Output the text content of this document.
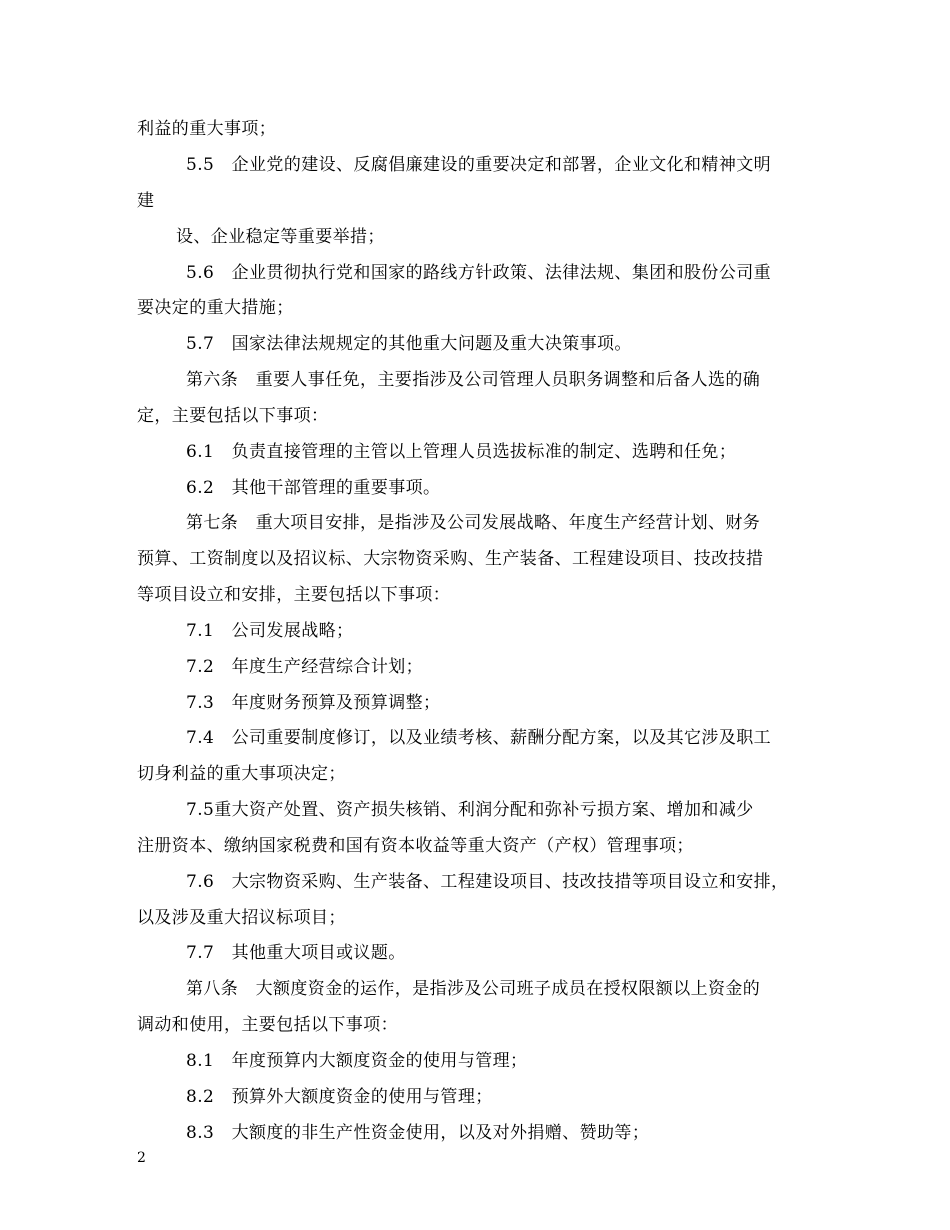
利益的重大事项；
5.5　企业党的建设、反腐倡廉建设的重要决定和部署，企业文化和精神文明
建
设、企业稳定等重要举措；
5.6　企业贯彻执行党和国家的路线方针政策、法律法规、集团和股份公司重
要决定的重大措施；
5.7　国家法律法规规定的其他重大问题及重大决策事项。
第六条　重要人事任免，主要指涉及公司管理人员职务调整和后备人选的确
定，主要包括以下事项：
6.1　负责直接管理的主管以上管理人员选拔标准的制定、选聘和任免；
6.2　其他干部管理的重要事项。
第七条　重大项目安排，是指涉及公司发展战略、年度生产经营计划、财务
预算、工资制度以及招议标、大宗物资采购、生产装备、工程建设项目、技改技措
等项目设立和安排，主要包括以下事项：
7.1　公司发展战略；
7.2　年度生产经营综合计划；
7.3　年度财务预算及预算调整；
7.4　公司重要制度修订，以及业绩考核、薪酬分配方案，以及其它涉及职工
切身利益的重大事项决定；
7.5重大资产处置、资产损失核销、利润分配和弥补亏损方案、增加和减少
注册资本、缴纳国家税费和国有资本收益等重大资产（产权）管理事项；
7.6　大宗物资采购、生产装备、工程建设项目、技改技措等项目设立和安排，
以及涉及重大招议标项目；
7.7　其他重大项目或议题。
第八条　大额度资金的运作，是指涉及公司班子成员在授权限额以上资金的
调动和使用，主要包括以下事项：
8.1　年度预算内大额度资金的使用与管理；
8.2　预算外大额度资金的使用与管理；
8.3　大额度的非生产性资金使用，以及对外捐赠、赞助等；
2
